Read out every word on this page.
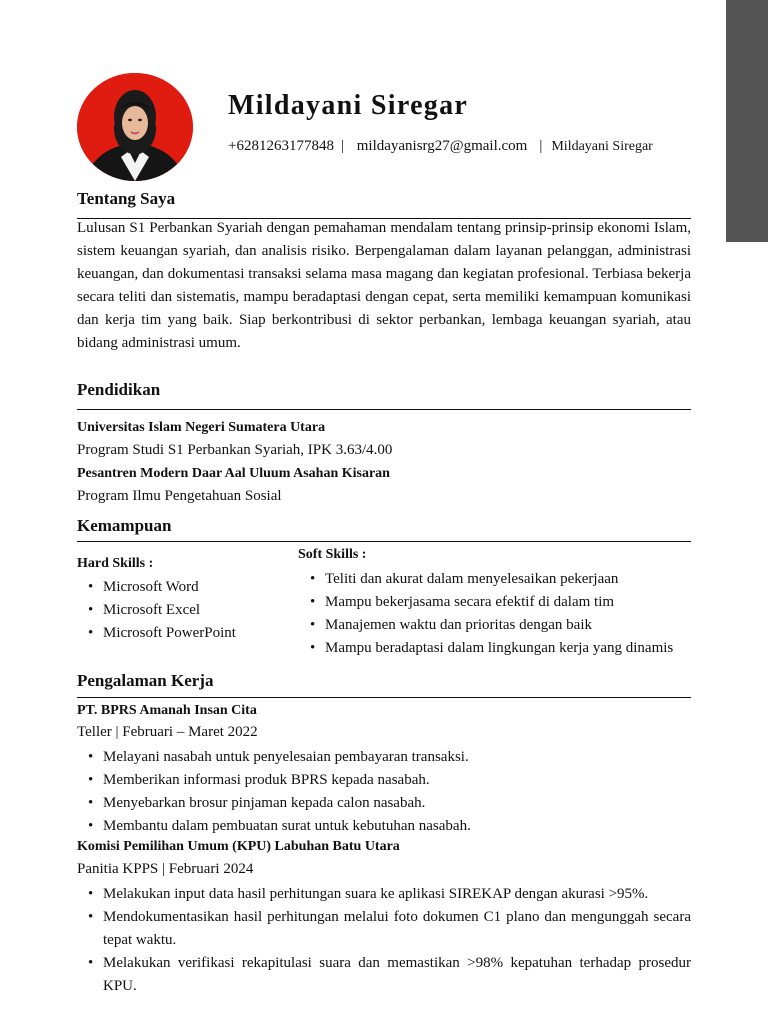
Mildayani Siregar
+6281263177848 | mildayanisrg27@gmail.com | Mildayani Siregar
Tentang Saya

Lulusan S1 Perbankan Syariah dengan pemahaman mendalam tentang prinsip-prinsip ekonomi Islam, sistem keuangan syariah, dan analisis risiko. Berpengalaman dalam layanan pelanggan, administrasi keuangan, dan dokumentasi transaksi selama masa magang dan kegiatan profesional. Terbiasa bekerja secara teliti dan sistematis, mampu beradaptasi dengan cepat, serta memiliki kemampuan komunikasi dan kerja tim yang baik. Siap berkontribusi di sektor perbankan, lembaga keuangan syariah, atau bidang administrasi umum.

Pendidikan
Universitas Islam Negeri Sumatera Utara
Program Studi S1 Perbankan Syariah, IPK 3.63/4.00
Pesantren Modern Daar Aal Uluum Asahan Kisaran
Program Ilmu Pengetahuan Sosial
Kemampuan
Hard Skills :
• Microsoft Word
• Microsoft Excel
• Microsoft PowerPoint
Soft Skills :
• Teliti dan akurat dalam menyelesaikan pekerjaan
• Mampu bekerjasama secara efektif di dalam tim
• Manajemen waktu dan prioritas dengan baik
• Mampu beradaptasi dalam lingkungan kerja yang dinamis
Pengalaman Kerja
PT. BPRS Amanah Insan Cita
Teller | Februari – Maret 2022
• Melayani nasabah untuk penyelesaian pembayaran transaksi.
• Memberikan informasi produk BPRS kepada nasabah.
• Menyebarkan brosur pinjaman kepada calon nasabah.
• Membantu dalam pembuatan surat untuk kebutuhan nasabah.
Komisi Pemilihan Umum (KPU) Labuhan Batu Utara
Panitia KPPS | Februari 2024
• Melakukan input data hasil perhitungan suara ke aplikasi SIREKAP dengan akurasi >95%.
• Mendokumentasikan hasil perhitungan melalui foto dokumen C1 plano dan mengunggah secara tepat waktu.
• Melakukan verifikasi rekapitulasi suara dan memastikan >98% kepatuhan terhadap prosedur KPU.
